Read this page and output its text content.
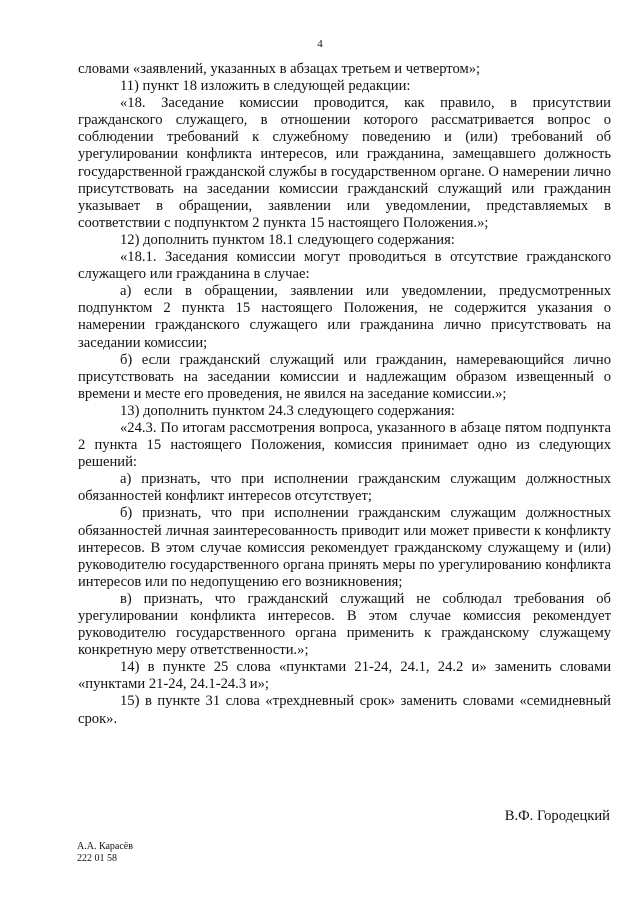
4

словами «заявлений, указанных в абзацах третьем и четвертом»;

11) пункт 18 изложить в следующей редакции:

«18. Заседание комиссии проводится, как правило, в присутствии гражданского служащего, в отношении которого рассматривается вопрос о соблюдении требований к служебному поведению и (или) требований об урегулировании конфликта интересов, или гражданина, замещавшего должность государственной гражданской службы в государственном органе. О намерении лично присутствовать на заседании комиссии гражданский служащий или гражданин указывает в обращении, заявлении или уведомлении, представляемых в соответствии с подпунктом 2 пункта 15 настоящего Положения.»;

12) дополнить пунктом 18.1 следующего содержания:

«18.1. Заседания комиссии могут проводиться в отсутствие гражданского служащего или гражданина в случае:

а) если в обращении, заявлении или уведомлении, предусмотренных подпунктом 2 пункта 15 настоящего Положения, не содержится указания о намерении гражданского служащего или гражданина лично присутствовать на заседании комиссии;

б) если гражданский служащий или гражданин, намеревающийся лично присутствовать на заседании комиссии и надлежащим образом извещенный о времени и месте его проведения, не явился на заседание комиссии.»;

13) дополнить пунктом 24.3 следующего содержания:

«24.3. По итогам рассмотрения вопроса, указанного в абзаце пятом подпункта 2 пункта 15 настоящего Положения, комиссия принимает одно из следующих решений:

а) признать, что при исполнении гражданским служащим должностных обязанностей конфликт интересов отсутствует;

б) признать, что при исполнении гражданским служащим должностных обязанностей личная заинтересованность приводит или может привести к конфликту интересов. В этом случае комиссия рекомендует гражданскому служащему и (или) руководителю государственного органа принять меры по урегулированию конфликта интересов или по недопущению его возникновения;

в) признать, что гражданский служащий не соблюдал требования об урегулировании конфликта интересов. В этом случае комиссия рекомендует руководителю государственного органа применить к гражданскому служащему конкретную меру ответственности.»;

14) в пункте 25 слова «пунктами 21-24, 24.1, 24.2 и» заменить словами «пунктами 21-24, 24.1-24.3 и»;

15) в пункте 31 слова «трехдневный срок» заменить словами «семидневный срок».

В.Ф. Городецкий
А.А. Карасёв
222 01 58
